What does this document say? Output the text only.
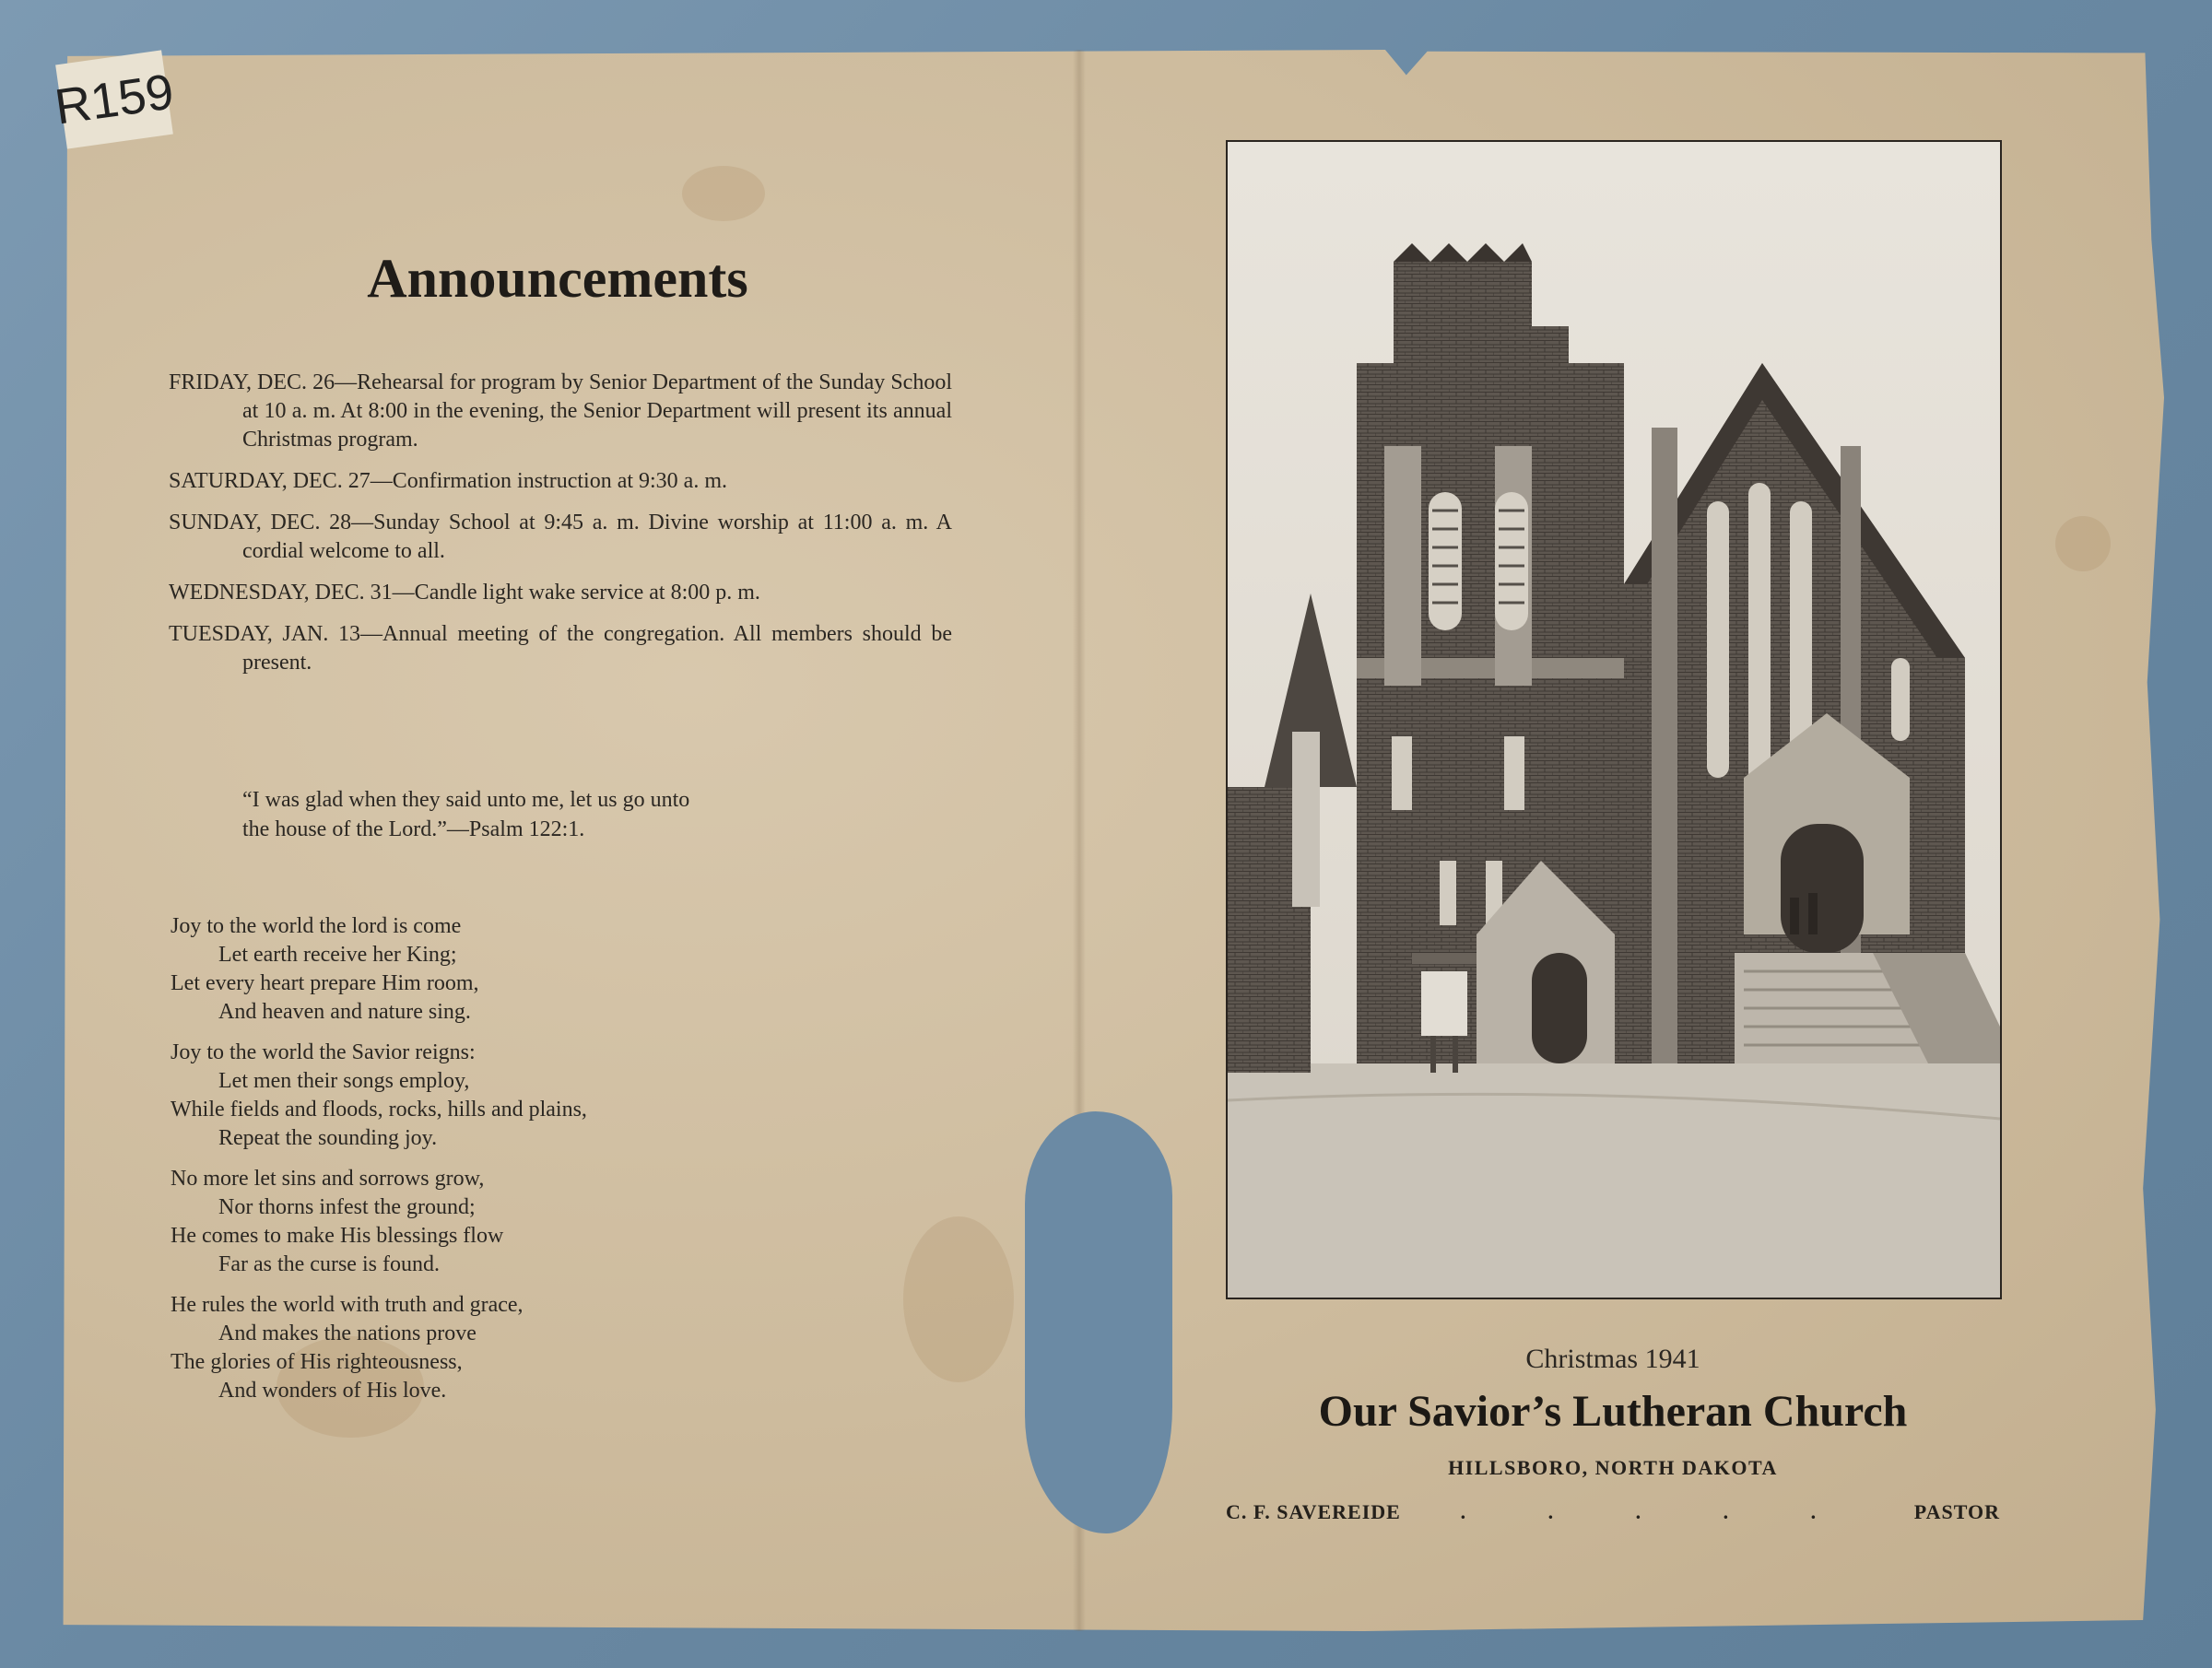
R159
Announcements
FRIDAY, DEC. 26—Rehearsal for program by Senior Department of the Sunday School at 10 a. m. At 8:00 in the evening, the Senior Department will present its annual Christmas program.
SATURDAY, DEC. 27—Confirmation instruction at 9:30 a. m.
SUNDAY, DEC. 28—Sunday School at 9:45 a. m. Divine worship at 11:00 a. m. A cordial welcome to all.
WEDNESDAY, DEC. 31—Candle light wake service at 8:00 p. m.
TUESDAY, JAN. 13—Annual meeting of the congregation. All members should be present.

“I was glad when they said unto me, let us go unto

the house of the Lord.”—Psalm 122:1.

Joy to the world the lord is come
Let earth receive her King;
Let every heart prepare Him room,
And heaven and nature sing.
Joy to the world the Savior reigns:
Let men their songs employ,
While fields and floods, rocks, hills and plains,
Repeat the sounding joy.
No more let sins and sorrows grow,
Nor thorns infest the ground;
He comes to make His blessings flow
Far as the curse is found.
He rules the world with truth and grace,
And makes the nations prove
The glories of His righteousness,
And wonders of His love.
Christmas 1941
Our Savior’s Lutheran Church
HILLSBORO, NORTH DAKOTA
C. F. SAVEREIDE	. . . . .	PASTOR
